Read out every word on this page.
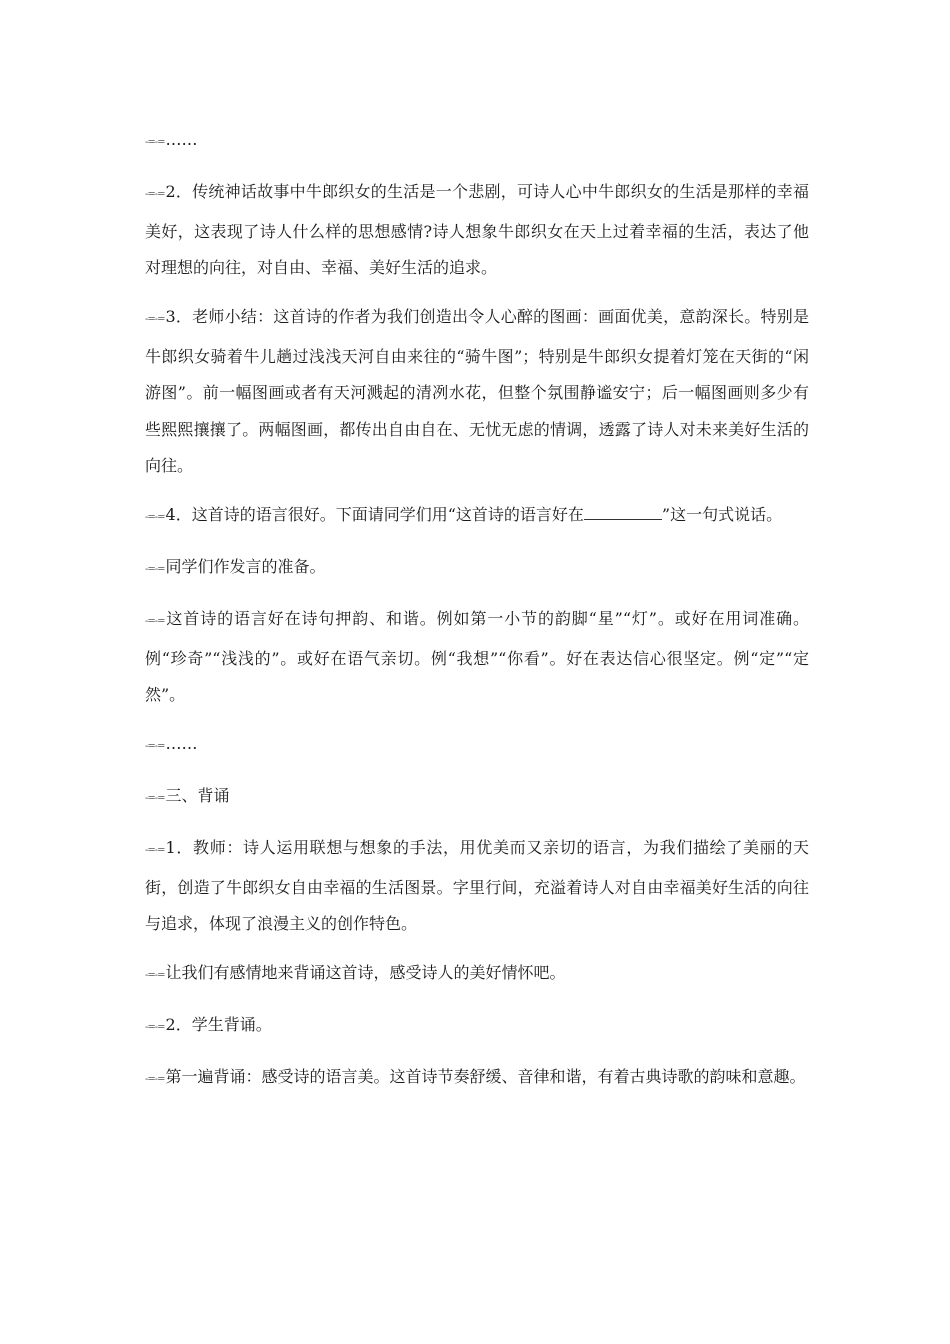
-=-=……

-=-=2．传统神话故事中牛郎织女的生活是一个悲剧，可诗人心中牛郎织女的生活是那样的幸福美好，这表现了诗人什么样的思想感情?诗人想象牛郎织女在天上过着幸福的生活，表达了他对理想的向往，对自由、幸福、美好生活的追求。

-=-=3．老师小结：这首诗的作者为我们创造出令人心醉的图画：画面优美，意韵深长。特别是牛郎织女骑着牛儿趟过浅浅天河自由来往的“骑牛图”；特别是牛郎织女提着灯笼在天街的“闲游图”。前一幅图画或者有天河溅起的清冽水花，但整个氛围静谧安宁；后一幅图画则多少有些熙熙攘攘了。两幅图画，都传出自由自在、无忧无虑的情调，透露了诗人对未来美好生活的向往。

-=-=4．这首诗的语言很好。下面请同学们用“这首诗的语言好在	”这一句式说话。

-=-=同学们作发言的准备。

-=-=这首诗的语言好在诗句押韵、和谐。例如第一小节的韵脚“星”“灯”。或好在用词准确。例“珍奇”“浅浅的”。或好在语气亲切。例“我想”“你看”。好在表达信心很坚定。例“定”“定然”。

-=-=……

-=-=三、背诵

-=-=1．教师：诗人运用联想与想象的手法，用优美而又亲切的语言，为我们描绘了美丽的天街，创造了牛郎织女自由幸福的生活图景。字里行间，充溢着诗人对自由幸福美好生活的向往与追求，体现了浪漫主义的创作特色。

-=-=让我们有感情地来背诵这首诗，感受诗人的美好情怀吧。

-=-=2．学生背诵。

-=-=第一遍背诵：感受诗的语言美。这首诗节奏舒缓、音律和谐，有着古典诗歌的韵味和意趣。
